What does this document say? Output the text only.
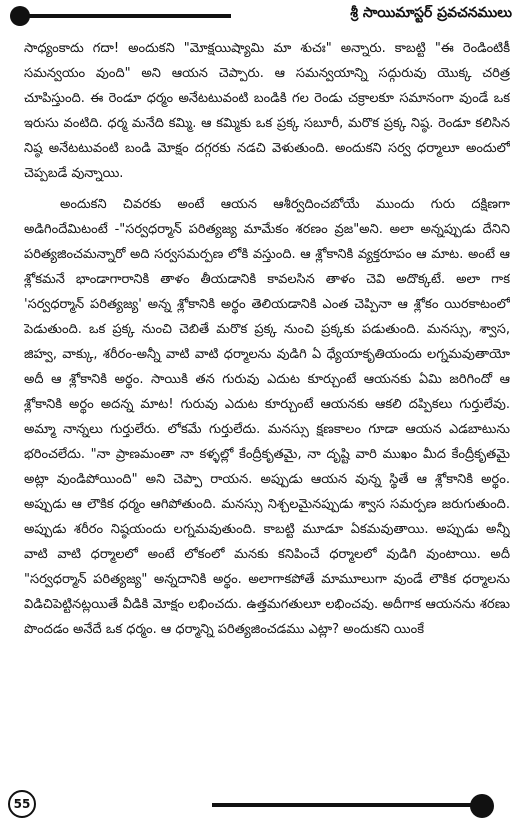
శ్రీ సాయిమాస్టర్ ప్రవచనములు

సాధ్యంకాదు గదా! అందుకని "మోక్షయిష్యామి మా శుచః" అన్నారు. కాబట్టి "ఈ రెండింటికీ సమన్వయం వుంది" అని ఆయన చెప్పారు. ఆ సమన్వయాన్ని సద్గురువు యొక్క చరిత్ర చూపిస్తుంది. ఈ రెండూ ధర్మం అనేటటువంటి బండికి గల రెండు చక్రాలకూ సమానంగా వుండే ఒక ఇరుసు వంటిది. ధర్మ మనేది కమ్మి. ఆ కమ్మికు ఒక ప్రక్క సబూరీ, మరొక ప్రక్క నిష్ఠ. రెండూ కలిసిన నిష్ఠ అనేటటువంటి బండి మోక్షం దగ్గరకు నడచి వెళుతుంది. అందుకని సర్వ ధర్మాలూ అందులో చెప్పబడే వున్నాయి.

అందుకని చివరకు అంటే ఆయన ఆశీర్వదించబోయే ముందు గురు దక్షిణగా అడిగిందేమిటంటే -"సర్వధర్మాన్ పరిత్యజ్య మామేకం శరణం వ్రజ"అని. అలా అన్నప్పుడు దేనిని పరిత్యజించమన్నారో అది సర్వసమర్పణ లోకి వస్తుంది. ఆ శ్లోకానికి వ్యక్తరూపం ఆ మాట. అంటే ఆ శ్లోకమనే భాండాగారానికి తాళం తీయడానికి కావలసిన తాళం చెవి అదొక్కటే. అలా గాక 'సర్వధర్మాన్ పరిత్యజ్య' అన్న శ్లోకానికి అర్థం తెలియడానికి ఎంత చెప్పినా ఆ శ్లోకం యిరకాటంలో పెడుతుంది. ఒక ప్రక్క నుంచి చెబితే మరొక ప్రక్క నుంచి ప్రక్కకు పడుతుంది. మనస్సు, శ్వాస, జిహ్వ, వాక్కు, శరీరం-అన్నీ వాటి వాటి ధర్మాలను వుడిగి ఏ ధ్యేయాకృతియందు లగ్నమవుతాయో అదీ ఆ శ్లోకానికి అర్థం. సాయికి తన గురువు ఎదుట కూర్చుంటే ఆయనకు ఏమి జరిగిందో ఆ శ్లోకానికి అర్థం అదన్న మాట! గురువు ఎదుట కూర్చుంటే ఆయనకు ఆకలి దప్పికలు గుర్తులేవు. అమ్మా నాన్నలు గుర్తులేరు. లోకమే గుర్తులేదు. మనస్సు క్షణకాలం గూడా ఆయన ఎడబాటును భరించలేదు. "నా ప్రాణమంతా నా కళ్ళల్లో కేంద్రీకృతమై, నా దృష్టి వారి ముఖం మీద కేంద్రీకృతమై అట్లా వుండిపోయింది" అని చెప్పా రాయన. అప్పుడు ఆయన వున్న స్థితే ఆ శ్లోకానికి అర్థం. అప్పుడు ఆ లౌకిక ధర్మం ఆగిపోతుంది. మనస్సు నిశ్చలమైనప్పుడు శ్వాస సమర్పణ జరుగుతుంది. అప్పుడు శరీరం నిష్ఠయందు లగ్నమవుతుంది. కాబట్టి మూడూ ఏకమవుతాయి. అప్పుడు అన్నీ వాటి వాటి ధర్మాలలో అంటే లోకంలో మనకు కనిపించే ధర్మాలలో వుడిగి వుంటాయి. అదీ "సర్వధర్మాన్ పరిత్యజ్య" అన్నదానికి అర్థం. అలాగాకపోతే మామూలుగా వుండే లౌకిక ధర్మాలను విడిచిపెట్టినట్లయితే వీడికి మోక్షం లభించదు. ఉత్తమగతులూ లభించవు. అదీగాక ఆయనను శరణు పొందడం అనేదే ఒక ధర్మం. ఆ ధర్మాన్ని పరిత్యజించడము ఎట్లా? అందుకని యింకే

55
